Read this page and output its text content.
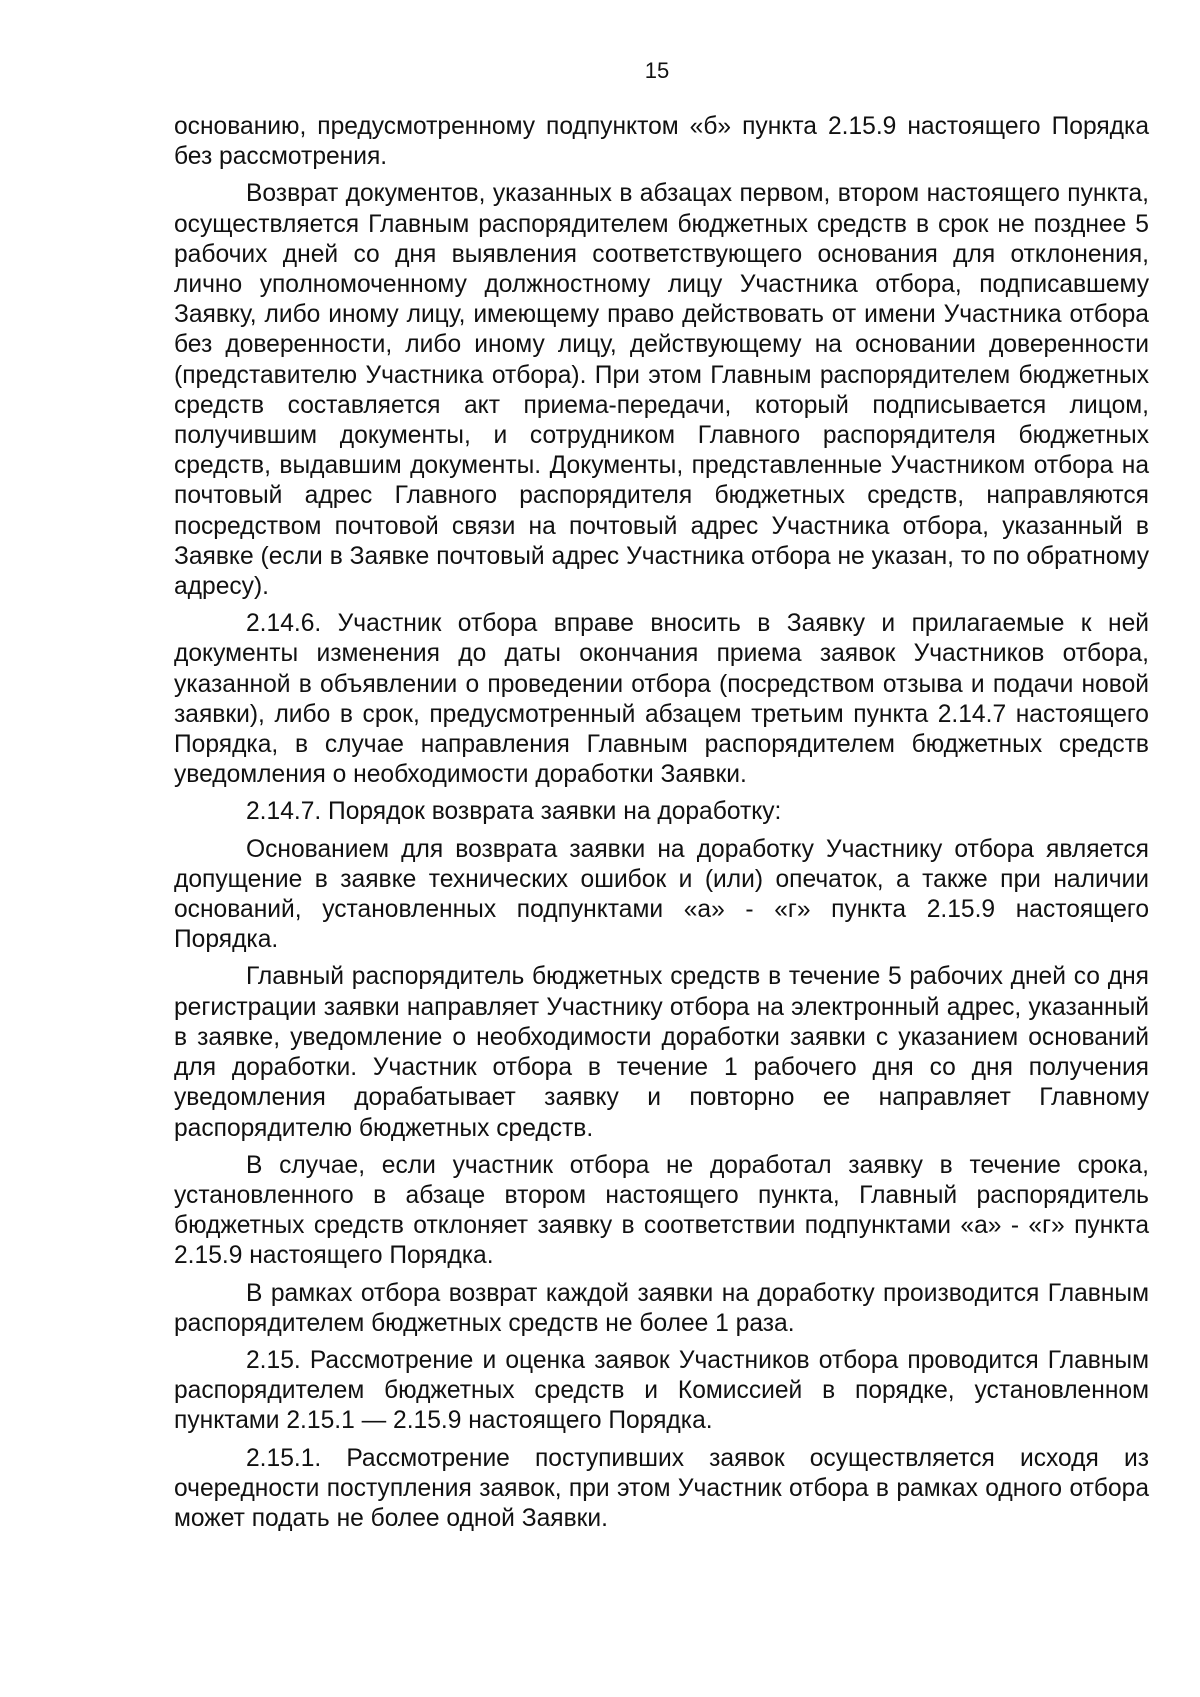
15

основанию, предусмотренному подпунктом «б» пункта 2.15.9 настоящего Порядка без рассмотрения.

Возврат документов, указанных в абзацах первом, втором настоящего пункта, осуществляется Главным распорядителем бюджетных средств в срок не позднее 5 рабочих дней со дня выявления соответствующего основания для отклонения, лично уполномоченному должностному лицу Участника отбора, подписавшему Заявку, либо иному лицу, имеющему право действовать от имени Участника отбора без доверенности, либо иному лицу, действующему на основании доверенности (представителю Участника отбора). При этом Главным распорядителем бюджетных средств составляется акт приема-передачи, который подписывается лицом, получившим документы, и сотрудником Главного распорядителя бюджетных средств, выдавшим документы. Документы, представленные Участником отбора на почтовый адрес Главного распорядителя бюджетных средств, направляются посредством почтовой связи на почтовый адрес Участника отбора, указанный в Заявке (если в Заявке почтовый адрес Участника отбора не указан, то по обратному адресу).

2.14.6. Участник отбора вправе вносить в Заявку и прилагаемые к ней документы изменения до даты окончания приема заявок Участников отбора, указанной в объявлении о проведении отбора (посредством отзыва и подачи новой заявки), либо в срок, предусмотренный абзацем третьим пункта 2.14.7 настоящего Порядка, в случае направления Главным распорядителем бюджетных средств уведомления о необходимости доработки Заявки.

2.14.7. Порядок возврата заявки на доработку:

Основанием для возврата заявки на доработку Участнику отбора является допущение в заявке технических ошибок и (или) опечаток, а также при наличии оснований, установленных подпунктами «а» - «г» пункта 2.15.9 настоящего Порядка.

Главный распорядитель бюджетных средств в течение 5 рабочих дней со дня регистрации заявки направляет Участнику отбора на электронный адрес, указанный в заявке, уведомление о необходимости доработки заявки с указанием оснований для доработки. Участник отбора в течение 1 рабочего дня со дня получения уведомления дорабатывает заявку и повторно ее направляет Главному распорядителю бюджетных средств.

В случае, если участник отбора не доработал заявку в течение срока, установленного в абзаце втором настоящего пункта, Главный распорядитель бюджетных средств отклоняет заявку в соответствии подпунктами «а» - «г» пункта 2.15.9 настоящего Порядка.

В рамках отбора возврат каждой заявки на доработку производится Главным распорядителем бюджетных средств не более 1 раза.

2.15. Рассмотрение и оценка заявок Участников отбора проводится Главным распорядителем бюджетных средств и Комиссией в порядке, установленном пунктами 2.15.1 — 2.15.9 настоящего Порядка.

2.15.1. Рассмотрение поступивших заявок осуществляется исходя из очередности поступления заявок, при этом Участник отбора в рамках одного отбора может подать не более одной Заявки.
